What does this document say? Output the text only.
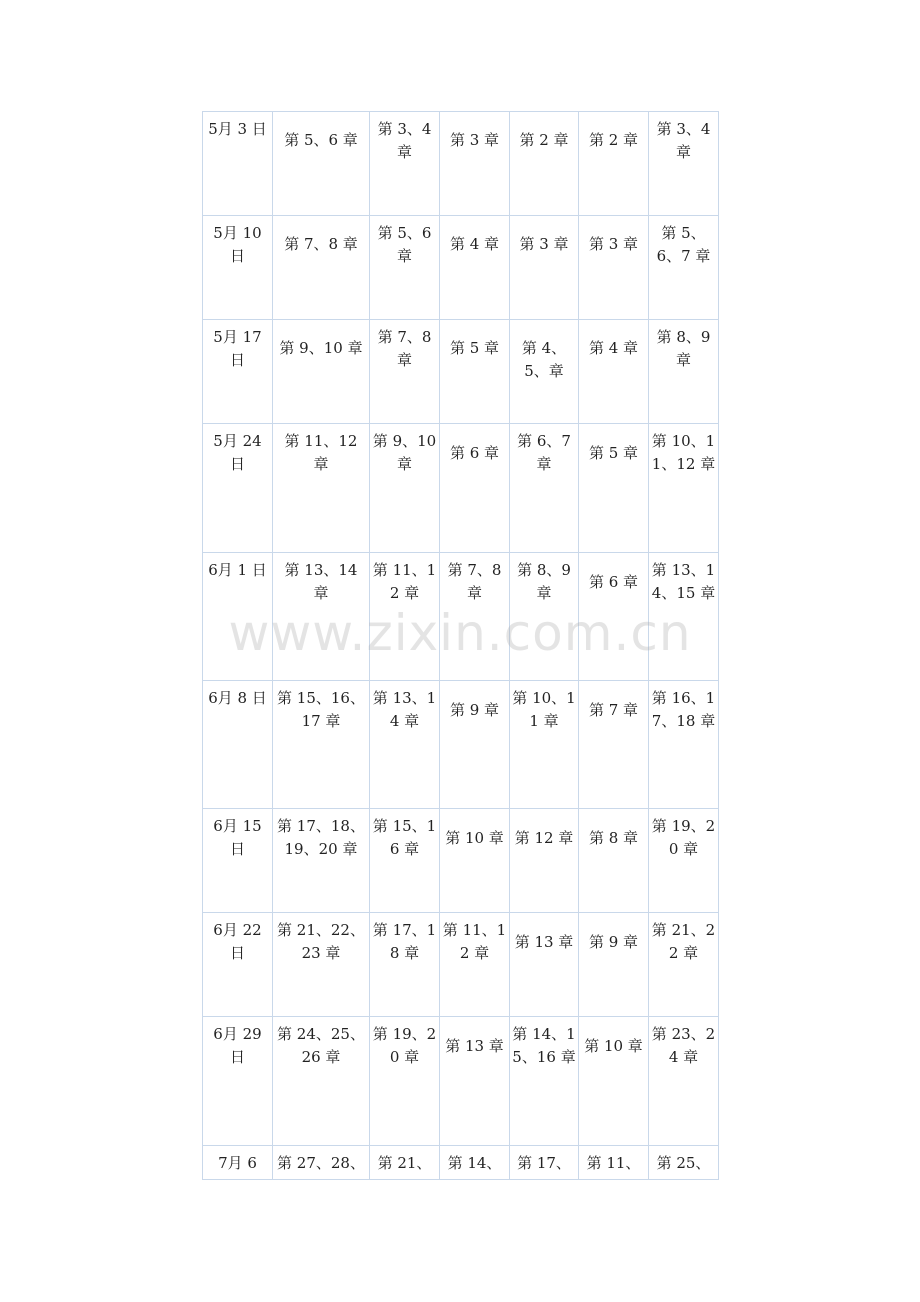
5月 3 日	第 5、6 章	第 3、4 章	第 3 章	第 2 章	第 2 章	第 3、4 章

5月 10 日	第 7、8 章	第 5、6 章	第 4 章	第 3 章	第 3 章	第 5、6、7 章

5月 17 日	第 9、10 章	第 7、8 章	第 5 章	第 4、5、章	第 4 章	第 8、9 章

5月 24 日	第 11、12 章	第 9、10 章	第 6 章	第 6、7 章	第 5 章	第 10、11、12 章

6月 1 日	第 13、14 章	第 11、12 章	第 7、8 章	第 8、9 章	第 6 章	第 13、14、15 章

6月 8 日	第 15、16、17 章	第 13、14 章	第 9 章	第 10、11 章	第 7 章	第 16、17、18 章

6月 15 日	第 17、18、19、20 章	第 15、16 章	第 10 章	第 12 章	第 8 章	第 19、20 章

6月 22 日	第 21、22、23 章	第 17、18 章	第 11、12 章	第 13 章	第 9 章	第 21、22 章

6月 29 日	第 24、25、26 章	第 19、20 章	第 13 章	第 14、15、16 章	第 10 章	第 23、24 章

7月 6	第 27、28、	第 21、	第 14、	第 17、	第 11、	第 25、
www.zixin.com.cn
